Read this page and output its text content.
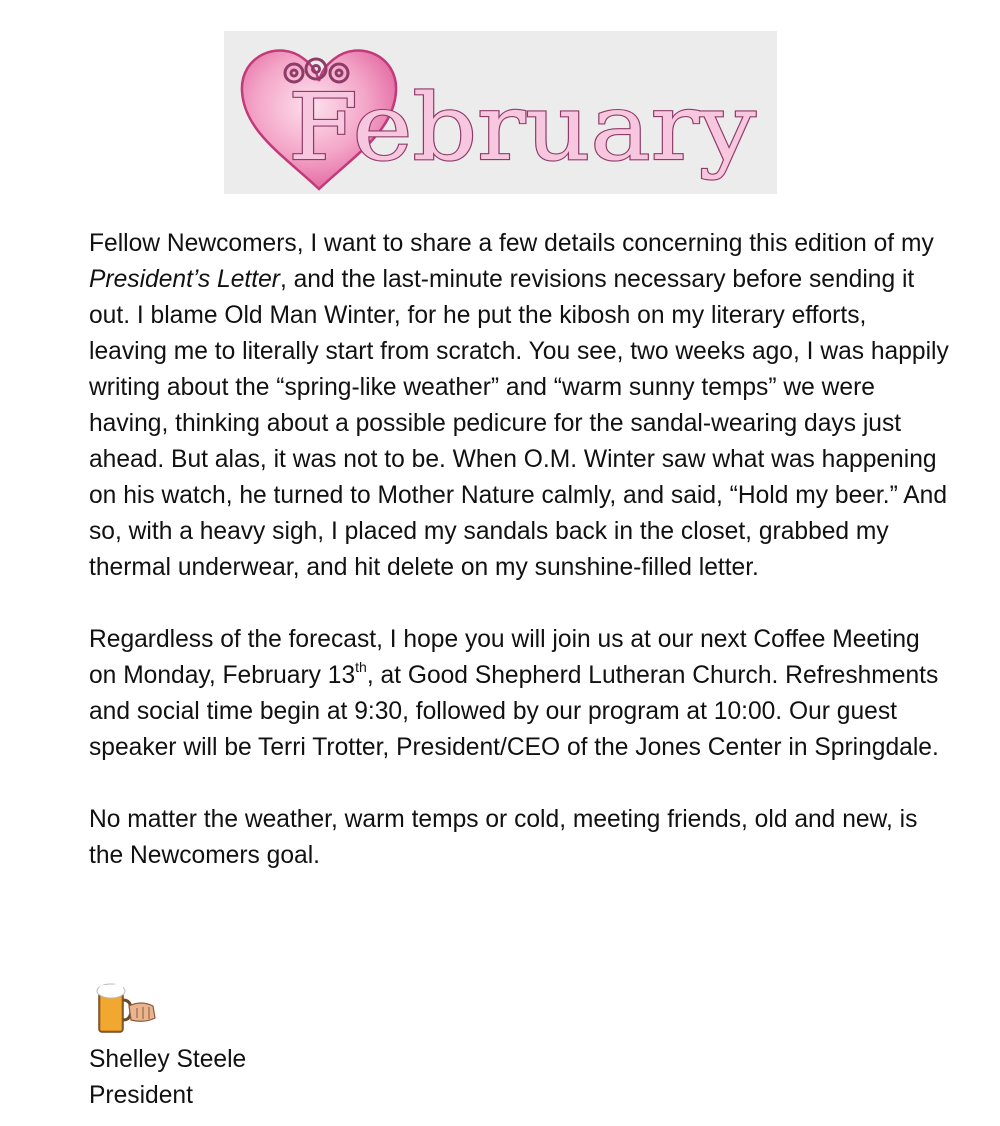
February

Fellow Newcomers, I want to share a few details concerning this edition of my President’s Letter, and the last-minute revisions necessary before sending it out. I blame Old Man Winter, for he put the kibosh on my literary efforts, leaving me to literally start from scratch. You see, two weeks ago, I was happily writing about the “spring-like weather” and “warm sunny temps” we were having, thinking about a possible pedicure for the sandal-wearing days just ahead. But alas, it was not to be. When O.M. Winter saw what was happening on his watch, he turned to Mother Nature calmly, and said, “Hold my beer.” And so, with a heavy sigh, I placed my sandals back in the closet, grabbed my thermal underwear, and hit delete on my sunshine-filled letter.

Regardless of the forecast, I hope you will join us at our next Coffee Meeting on Monday, February 13th, at Good Shepherd Lutheran Church. Refreshments and social time begin at 9:30, followed by our program at 10:00. Our guest speaker will be Terri Trotter, President/CEO of the Jones Center in Springdale.

No matter the weather, warm temps or cold, meeting friends, old and new, is the Newcomers goal.

Shelley Steele
President
